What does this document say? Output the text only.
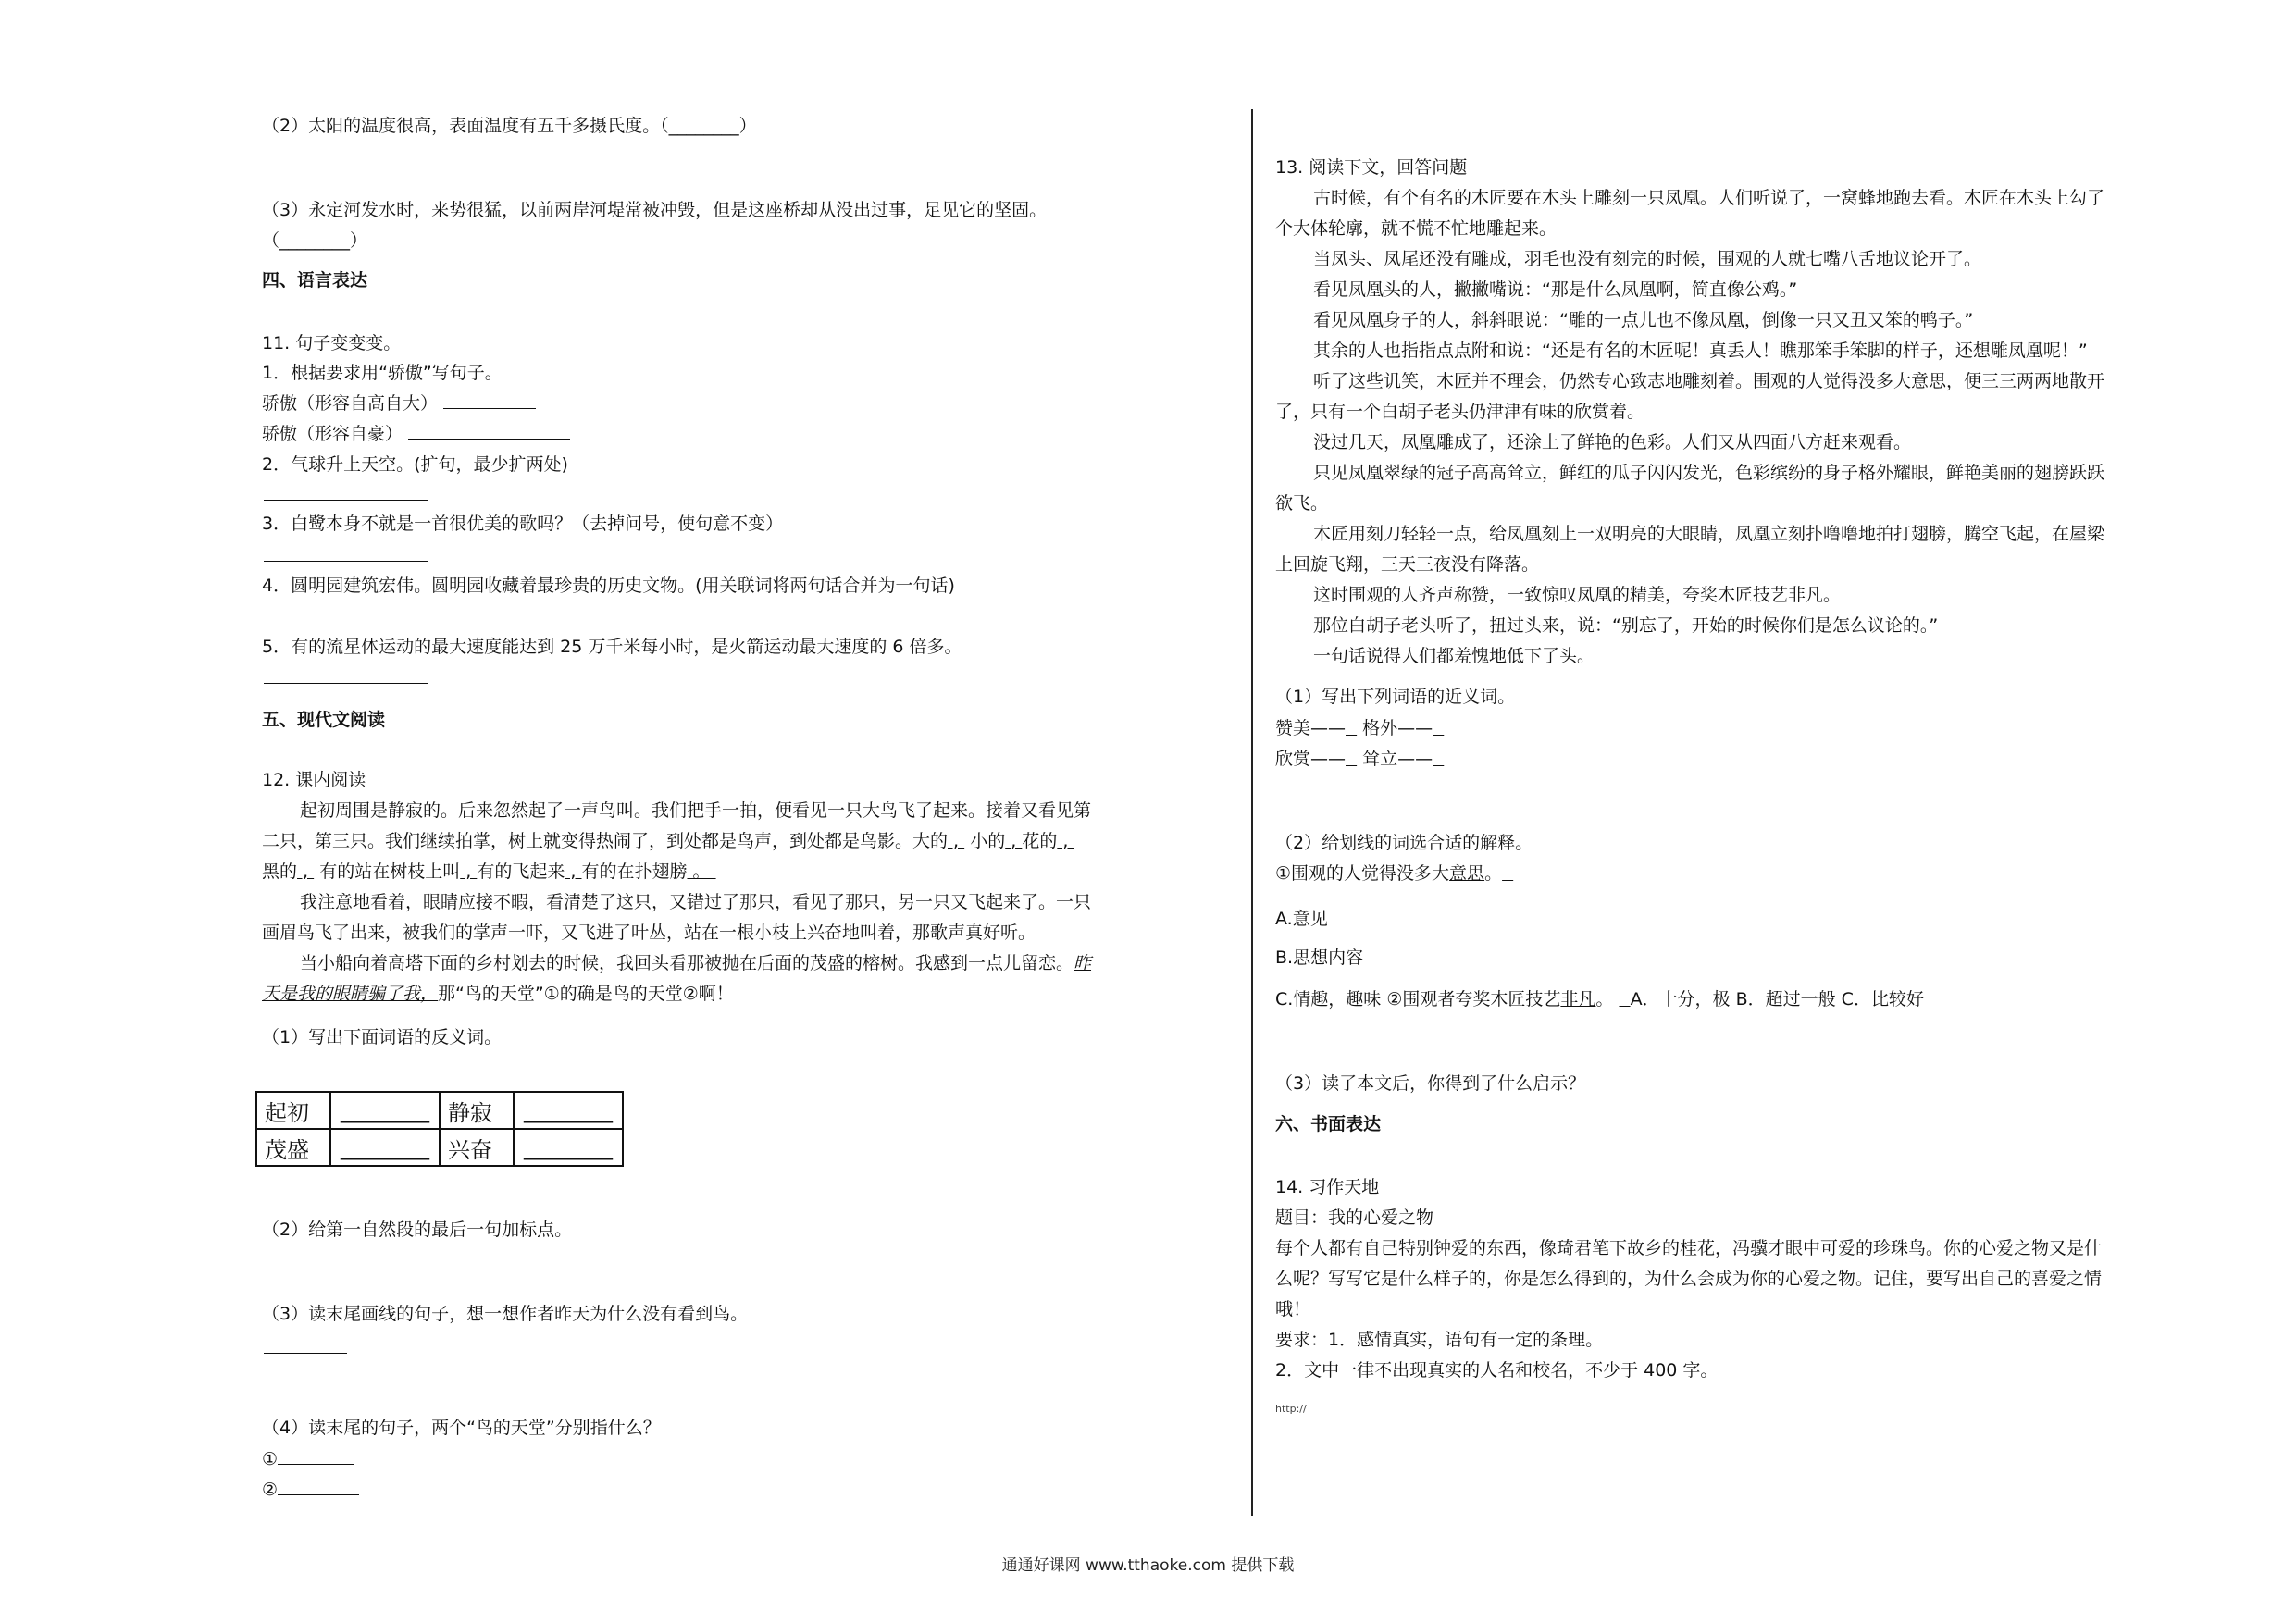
（2）太阳的温度很高，表面温度有五千多摄氏度。（________）
（3）永定河发水时，来势很猛，以前两岸河堤常被冲毁，但是这座桥却从没出过事，足见它的坚固。
（________）
四、语言表达
11. 句子变变变。
1．根据要求用“骄傲”写句子。
骄傲（形容自高自大）
骄傲（形容自豪）
2．气球升上天空。(扩句，最少扩两处)
3．白鹭本身不就是一首很优美的歌吗？（去掉问号，使句意不变）
4．圆明园建筑宏伟。圆明园收藏着最珍贵的历史文物。(用关联词将两句话合并为一句话)
5．有的流星体运动的最大速度能达到 25 万千米每小时，是火箭运动最大速度的 6 倍多。
五、现代文阅读
12. 课内阅读
起初周围是静寂的。后来忽然起了一声鸟叫。我们把手一拍，便看见一只大鸟飞了起来。接着又看见第
二只，第三只。我们继续拍掌，树上就变得热闹了，到处都是鸟声，到处都是鸟影。大的 ,  小的 , 花的 ,
黑的 ,  有的站在树枝上叫 , 有的飞起来 , 有的在扑翅膀 。
我注意地看着，眼睛应接不暇，看清楚了这只，又错过了那只，看见了那只，另一只又飞起来了。一只
画眉鸟飞了出来，被我们的掌声一吓，又飞进了叶丛，站在一根小枝上兴奋地叫着，那歌声真好听。
当小船向着高塔下面的乡村划去的时候，我回头看那被抛在后面的茂盛的榕树。我感到一点儿留恋。昨
天是我的眼睛骗了我，那“鸟的天堂”①的确是鸟的天堂②啊！
（1）写出下面词语的反义词。
起初	________	静寂	________
茂盛	________	兴奋	________
（2）给第一自然段的最后一句加标点。
（3）读末尾画线的句子，想一想作者昨天为什么没有看到鸟。
（4）读末尾的句子，两个“鸟的天堂”分别指什么？
①
②
13. 阅读下文，回答问题
古时候，有个有名的木匠要在木头上雕刻一只凤凰。人们听说了，一窝蜂地跑去看。木匠在木头上勾了
个大体轮廓，就不慌不忙地雕起来。
当凤头、凤尾还没有雕成，羽毛也没有刻完的时候，围观的人就七嘴八舌地议论开了。
看见凤凰头的人，撇撇嘴说：“那是什么凤凰啊，简直像公鸡。”
看见凤凰身子的人，斜斜眼说：“雕的一点儿也不像凤凰，倒像一只又丑又笨的鸭子。”
其余的人也指指点点附和说：“还是有名的木匠呢！真丢人！瞧那笨手笨脚的样子，还想雕凤凰呢！”
听了这些讥笑，木匠并不理会，仍然专心致志地雕刻着。围观的人觉得没多大意思，便三三两两地散开
了，只有一个白胡子老头仍津津有味的欣赏着。
没过几天，凤凰雕成了，还涂上了鲜艳的色彩。人们又从四面八方赶来观看。
只见凤凰翠绿的冠子高高耸立，鲜红的瓜子闪闪发光，色彩缤纷的身子格外耀眼，鲜艳美丽的翅膀跃跃
欲飞。
木匠用刻刀轻轻一点，给凤凰刻上一双明亮的大眼睛，凤凰立刻扑噜噜地拍打翅膀，腾空飞起，在屋梁
上回旋飞翔，三天三夜没有降落。
这时围观的人齐声称赞，一致惊叹凤凰的精美，夸奖木匠技艺非凡。
那位白胡子老头听了，扭过头来，说：“别忘了，开始的时候你们是怎么议论的。”
一句话说得人们都羞愧地低下了头。
（1）写出下列词语的近义词。
赞美—— 格外——
欣赏—— 耸立——
（2）给划线的词选合适的解释。
①围观的人觉得没多大意思。
A.意见
B.思想内容
C.情趣，趣味 ②围观者夸奖木匠技艺非凡。 A．十分，极 B．超过一般 C．比较好
（3）读了本文后，你得到了什么启示？
六、书面表达
14. 习作天地
题目：我的心爱之物
每个人都有自己特别钟爱的东西，像琦君笔下故乡的桂花，冯骥才眼中可爱的珍珠鸟。你的心爱之物又是什
么呢？写写它是什么样子的，你是怎么得到的，为什么会成为你的心爱之物。记住，要写出自己的喜爱之情
哦！
要求：1．感情真实，语句有一定的条理。
2．文中一律不出现真实的人名和校名，不少于 400 字。
http://
通通好课网 www.tthaoke.com 提供下载
